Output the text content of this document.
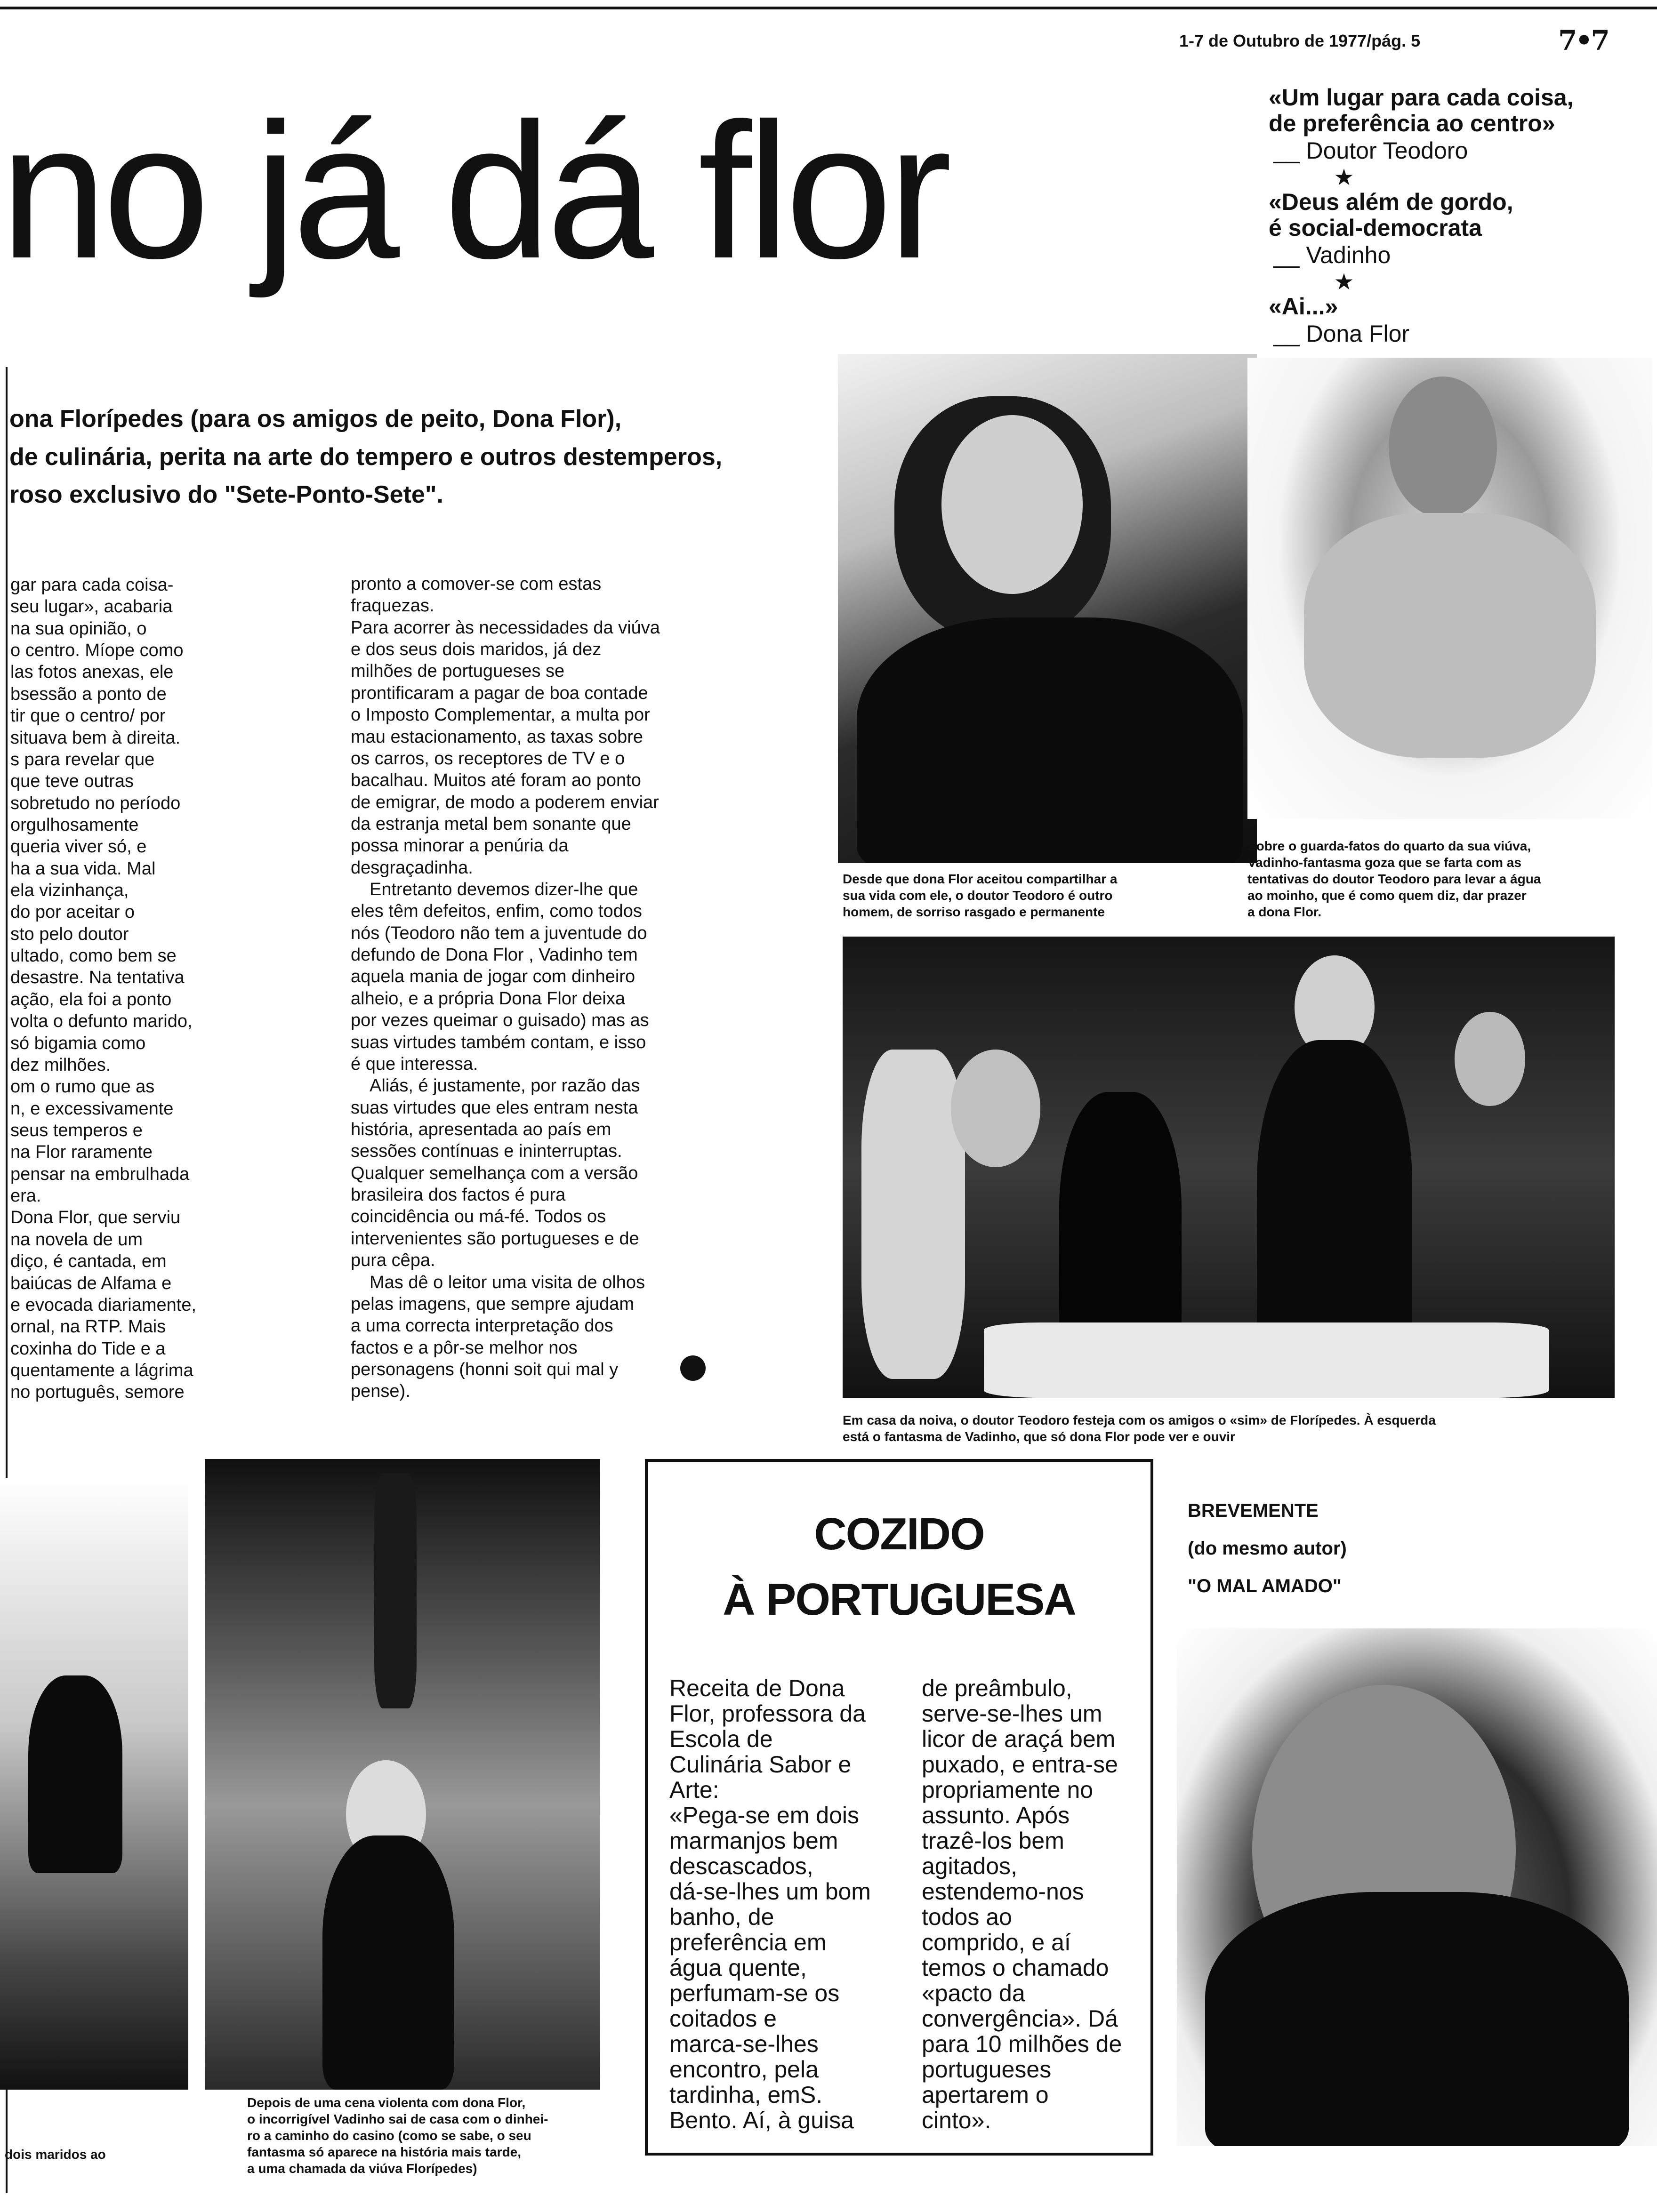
1-7 de Outubro de 1977/pág. 5	7•7
no já dá flor	«Um lugar para cada coisa,
de preferência ao centro»
__ Doutor Teodoro
★
«Deus além de gordo,
é social-democrata
__ Vadinho
★
«Ai...»
__ Dona Flor

ona Florípedes (para os amigos de peito, Dona Flor),

de culinária, perita na arte do tempero e outros destemperos,

roso exclusivo do "Sete-Ponto-Sete".

gar para cada coisa-

seu lugar», acabaria

na sua opinião, o

o centro. Míope como

las fotos anexas, ele

bsessão a ponto de

tir que o centro/ por

situava bem à direita.

s para revelar que

que teve outras

sobretudo no período

orgulhosamente

queria viver só, e

ha a sua vida. Mal

ela vizinhança,

do por aceitar o

sto pelo doutor

ultado, como bem se

desastre. Na tentativa

ação, ela foi a ponto

volta o defunto marido,

só bigamia como

dez milhões.

om o rumo que as

n, e excessivamente

seus temperos e

na Flor raramente

pensar na embrulhada

era.

Dona Flor, que serviu

na novela de um

diço, é cantada, em

baiúcas de Alfama e

e evocada diariamente,

ornal, na RTP. Mais

coxinha do Tide e a

quentamente a lágrima

no português, semore

pronto a comover-se com estas

fraquezas.

Para acorrer às necessidades da viúva

e dos seus dois maridos, já dez

milhões de portugueses se

prontificaram a pagar de boa contade

o Imposto Complementar, a multa por

mau estacionamento, as taxas sobre

os carros, os receptores de TV e o

bacalhau. Muitos até foram ao ponto

de emigrar, de modo a poderem enviar

da estranja metal bem sonante que

possa minorar a penúria da

desgraçadinha.

Entretanto devemos dizer-lhe que

eles têm defeitos, enfim, como todos

nós (Teodoro não tem a juventude do

defundo de Dona Flor , Vadinho tem

aquela mania de jogar com dinheiro

alheio, e a própria Dona Flor deixa

por vezes queimar o guisado) mas as

suas virtudes também contam, e isso

é que interessa.

Aliás, é justamente, por razão das

suas virtudes que eles entram nesta

história, apresentada ao país em

sessões contínuas e ininterruptas.

Qualquer semelhança com a versão

brasileira dos factos é pura

coincidência ou má-fé. Todos os

intervenientes são portugueses e de

pura cêpa.

Mas dê o leitor uma visita de olhos

pelas imagens, que sempre ajudam

a uma correcta interpretação dos

factos e a pôr-se melhor nos

personagens (honni soit qui mal y

pense).

Desde que dona Flor aceitou compartilhar a

sua vida com ele, o doutor Teodoro é outro

homem, de sorriso rasgado e permanente

Sobre o guarda-fatos do quarto da sua viúva,

Vadinho-fantasma goza que se farta com as

tentativas do doutor Teodoro para levar a água

ao moinho, que é como quem diz, dar prazer

a dona Flor.

Em casa da noiva, o doutor Teodoro festeja com os amigos o «sim» de Florípedes. À esquerda

está o fantasma de Vadinho, que só dona Flor pode ver e ouvir

Depois de uma cena violenta com dona Flor,

o incorrigível Vadinho sai de casa com o dinhei-

ro a caminho do casino (como se sabe, o seu

fantasma só aparece na história mais tarde,

a uma chamada da viúva Florípedes)

dois maridos ao

COZIDO

À PORTUGUESA

Receita de Dona

Flor, professora da

Escola de

Culinária Sabor e

Arte:

«Pega-se em dois

marmanjos bem

descascados,

dá-se-lhes um bom

banho, de

preferência em

água quente,

perfumam-se os

coitados e

marca-se-lhes

encontro, pela

tardinha, emS.

Bento. Aí, à guisa

de preâmbulo,

serve-se-lhes um

licor de araçá bem

puxado, e entra-se

propriamente no

assunto. Após

trazê-los bem

agitados,

estendemo-nos

todos ao

comprido, e aí

temos o chamado

«pacto da

convergência». Dá

para 10 milhões de

portugueses

apertarem o

cinto».

BREVEMENTE

(do mesmo autor)

"O MAL AMADO"
